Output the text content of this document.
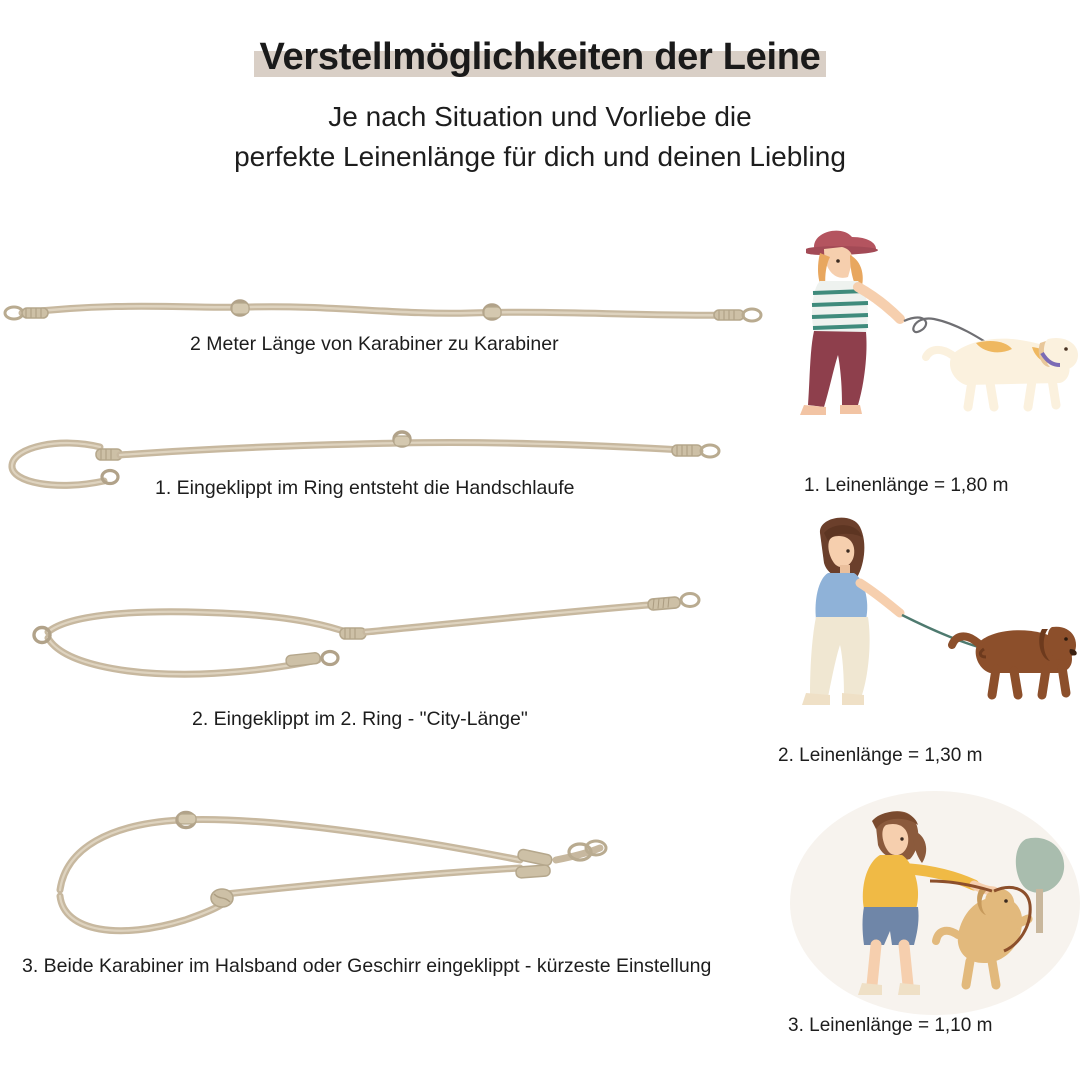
Verstellmöglichkeiten der Leine
Je nach Situation und Vorliebe die
perfekte Leinenlänge für dich und deinen Liebling
2 Meter Länge von Karabiner zu Karabiner
1. Eingeklippt im Ring entsteht die Handschlaufe
2. Eingeklippt im 2. Ring - "City-Länge"
3. Beide Karabiner im Halsband oder Geschirr eingeklippt - kürzeste Einstellung
1. Leinenlänge = 1,80 m
2. Leinenlänge = 1,30 m
3. Leinenlänge = 1,10 m
